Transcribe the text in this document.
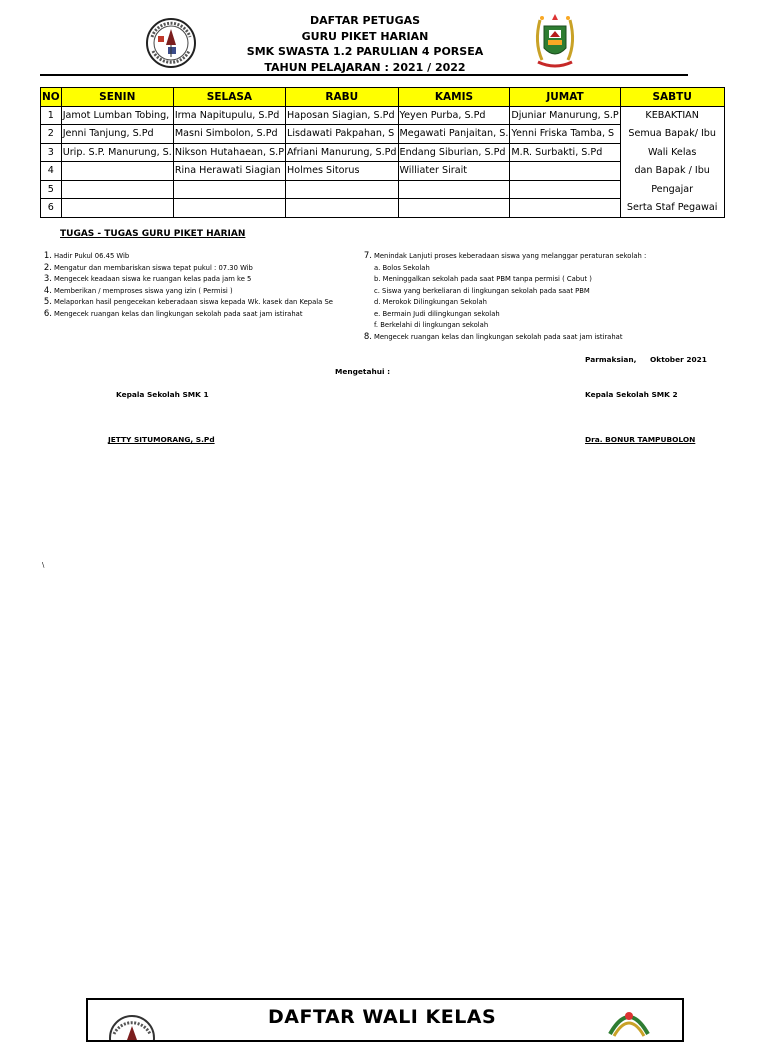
DAFTAR PETUGAS
GURU PIKET HARIAN
SMK SWASTA 1.2 PARULIAN 4 PORSEA
TAHUN PELAJARAN : 2021 / 2022
NO	SENIN	SELASA	RABU	KAMIS	JUMAT	SABTU
1	Jamot Lumban Tobing,	Irma Napitupulu, S.Pd	Haposan Siagian, S.Pd	Yeyen Purba, S.Pd	Djuniar Manurung, S.P	KEBAKTIAN
2	Jenni Tanjung, S.Pd	Masni Simbolon, S.Pd	Lisdawati Pakpahan, S	Megawati Panjaitan, S.	Yenni Friska Tamba, S	Semua Bapak/ Ibu
3	Urip. S.P. Manurung, S.	Nikson Hutahaean, S.P	Afriani Manurung, S.Pd	Endang Siburian, S.Pd	M.R. Surbakti, S.Pd	Wali Kelas
4		Rina Herawati Siagian	Holmes Sitorus	Williater Sirait		dan Bapak / Ibu
5						Pengajar
6						Serta Staf Pegawai
TUGAS - TUGAS GURU PIKET HARIAN
1. Hadir Pukul 06.45 Wib
2. Mengatur dan membariskan siswa tepat pukul : 07.30 Wib
3. Mengecek keadaan siswa ke ruangan kelas pada jam ke 5
4. Memberikan / memproses siswa yang izin ( Permisi )
5. Melaporkan hasil pengecekan keberadaan siswa kepada Wk. kasek dan Kepala Se
6. Mengecek ruangan kelas dan lingkungan sekolah pada saat jam istirahat
7. Menindak Lanjuti proses keberadaan siswa yang melanggar peraturan sekolah :
a. Bolos Sekolah
b. Meninggalkan sekolah pada saat PBM tanpa permisi ( Cabut )
c. Siswa yang berkeliaran di lingkungan sekolah pada saat PBM
d. Merokok Dilingkungan Sekolah
e. Bermain Judi dilingkungan sekolah
f. Berkelahi di lingkungan sekolah
8. Mengecek ruangan kelas dan lingkungan sekolah pada saat jam istirahat
Parmaksian, Oktober 2021
Mengetahui :
Kepala Sekolah SMK 1	Kepala Sekolah SMK 2
JETTY SITUMORANG, S.Pd	Dra. BONUR TAMPUBOLON
\
DAFTAR WALI KELAS
